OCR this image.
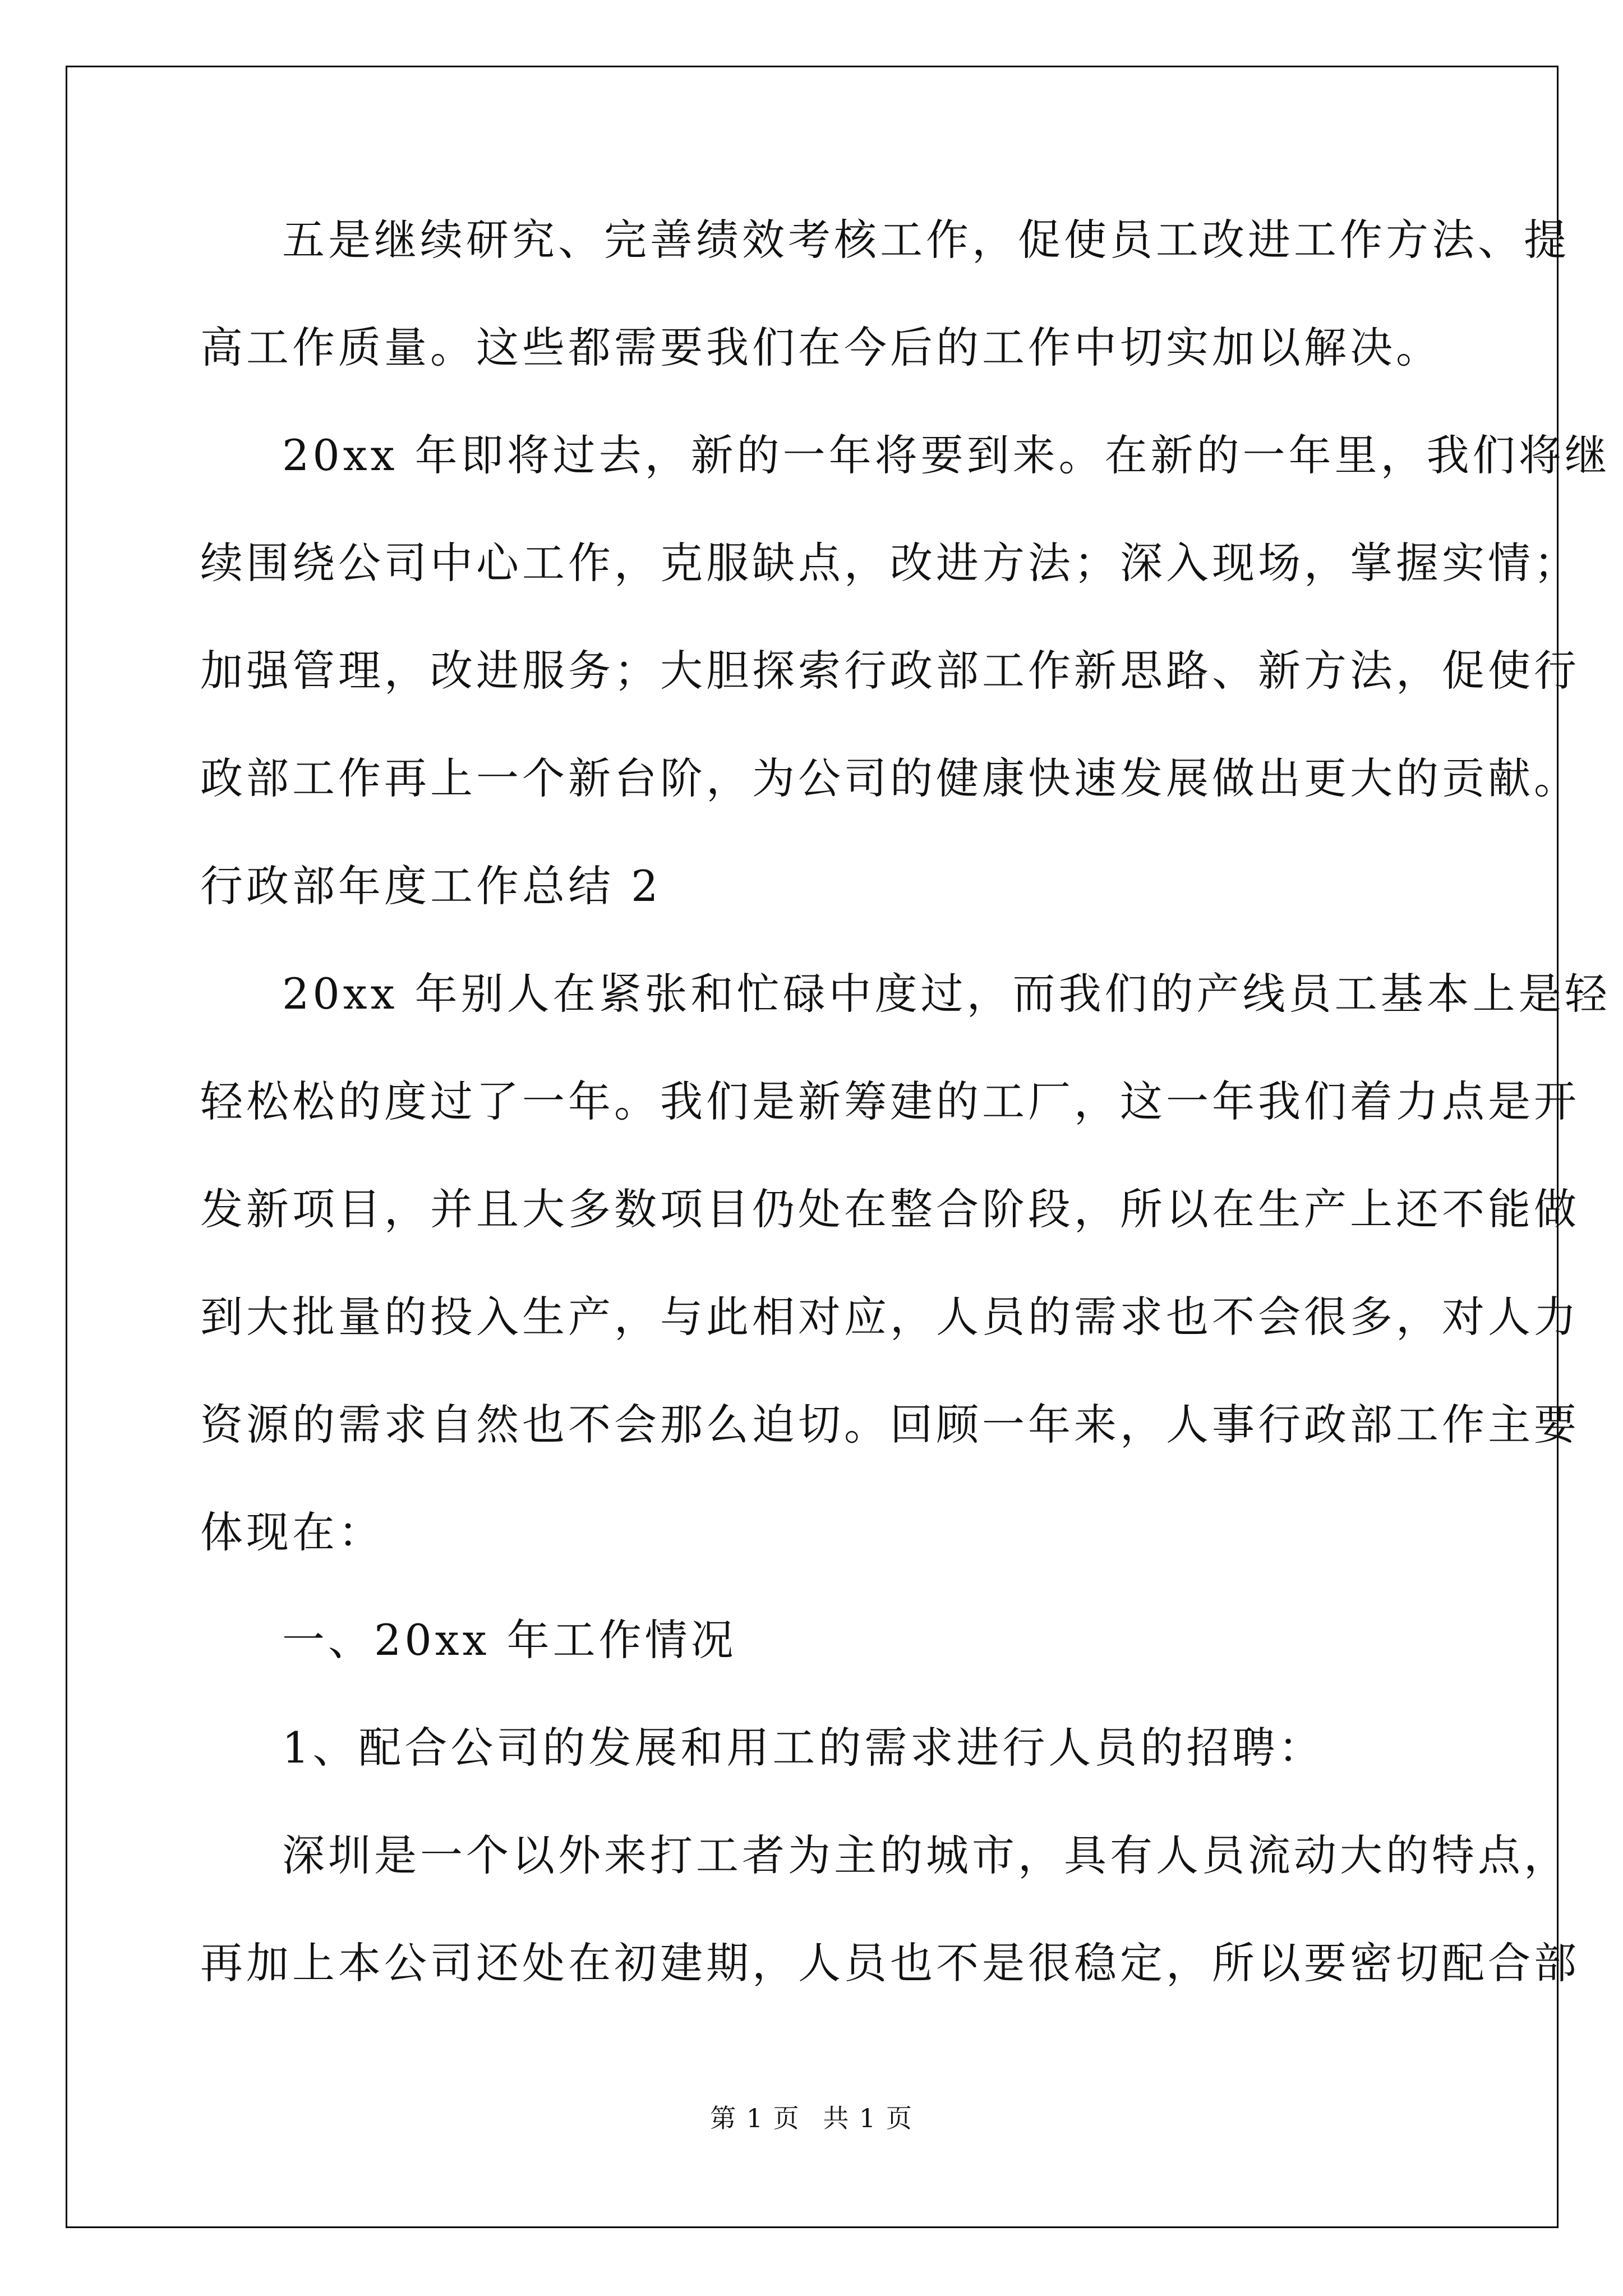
五是继续研究、完善绩效考核工作，促使员工改进工作方法、提
高工作质量。这些都需要我们在今后的工作中切实加以解决。
20xx 年即将过去，新的一年将要到来。在新的一年里，我们将继
续围绕公司中心工作，克服缺点，改进方法；深入现场，掌握实情；
加强管理，改进服务；大胆探索行政部工作新思路、新方法，促使行
政部工作再上一个新台阶，为公司的健康快速发展做出更大的贡献。
行政部年度工作总结 2
20xx 年别人在紧张和忙碌中度过，而我们的产线员工基本上是轻
轻松松的度过了一年。我们是新筹建的工厂，这一年我们着力点是开
发新项目，并且大多数项目仍处在整合阶段，所以在生产上还不能做
到大批量的投入生产，与此相对应，人员的需求也不会很多，对人力
资源的需求自然也不会那么迫切。回顾一年来，人事行政部工作主要
体现在：
一、20xx 年工作情况
1、配合公司的发展和用工的需求进行人员的招聘：
深圳是一个以外来打工者为主的城市，具有人员流动大的特点，
再加上本公司还处在初建期，人员也不是很稳定，所以要密切配合部
第 1 页 共 1 页
